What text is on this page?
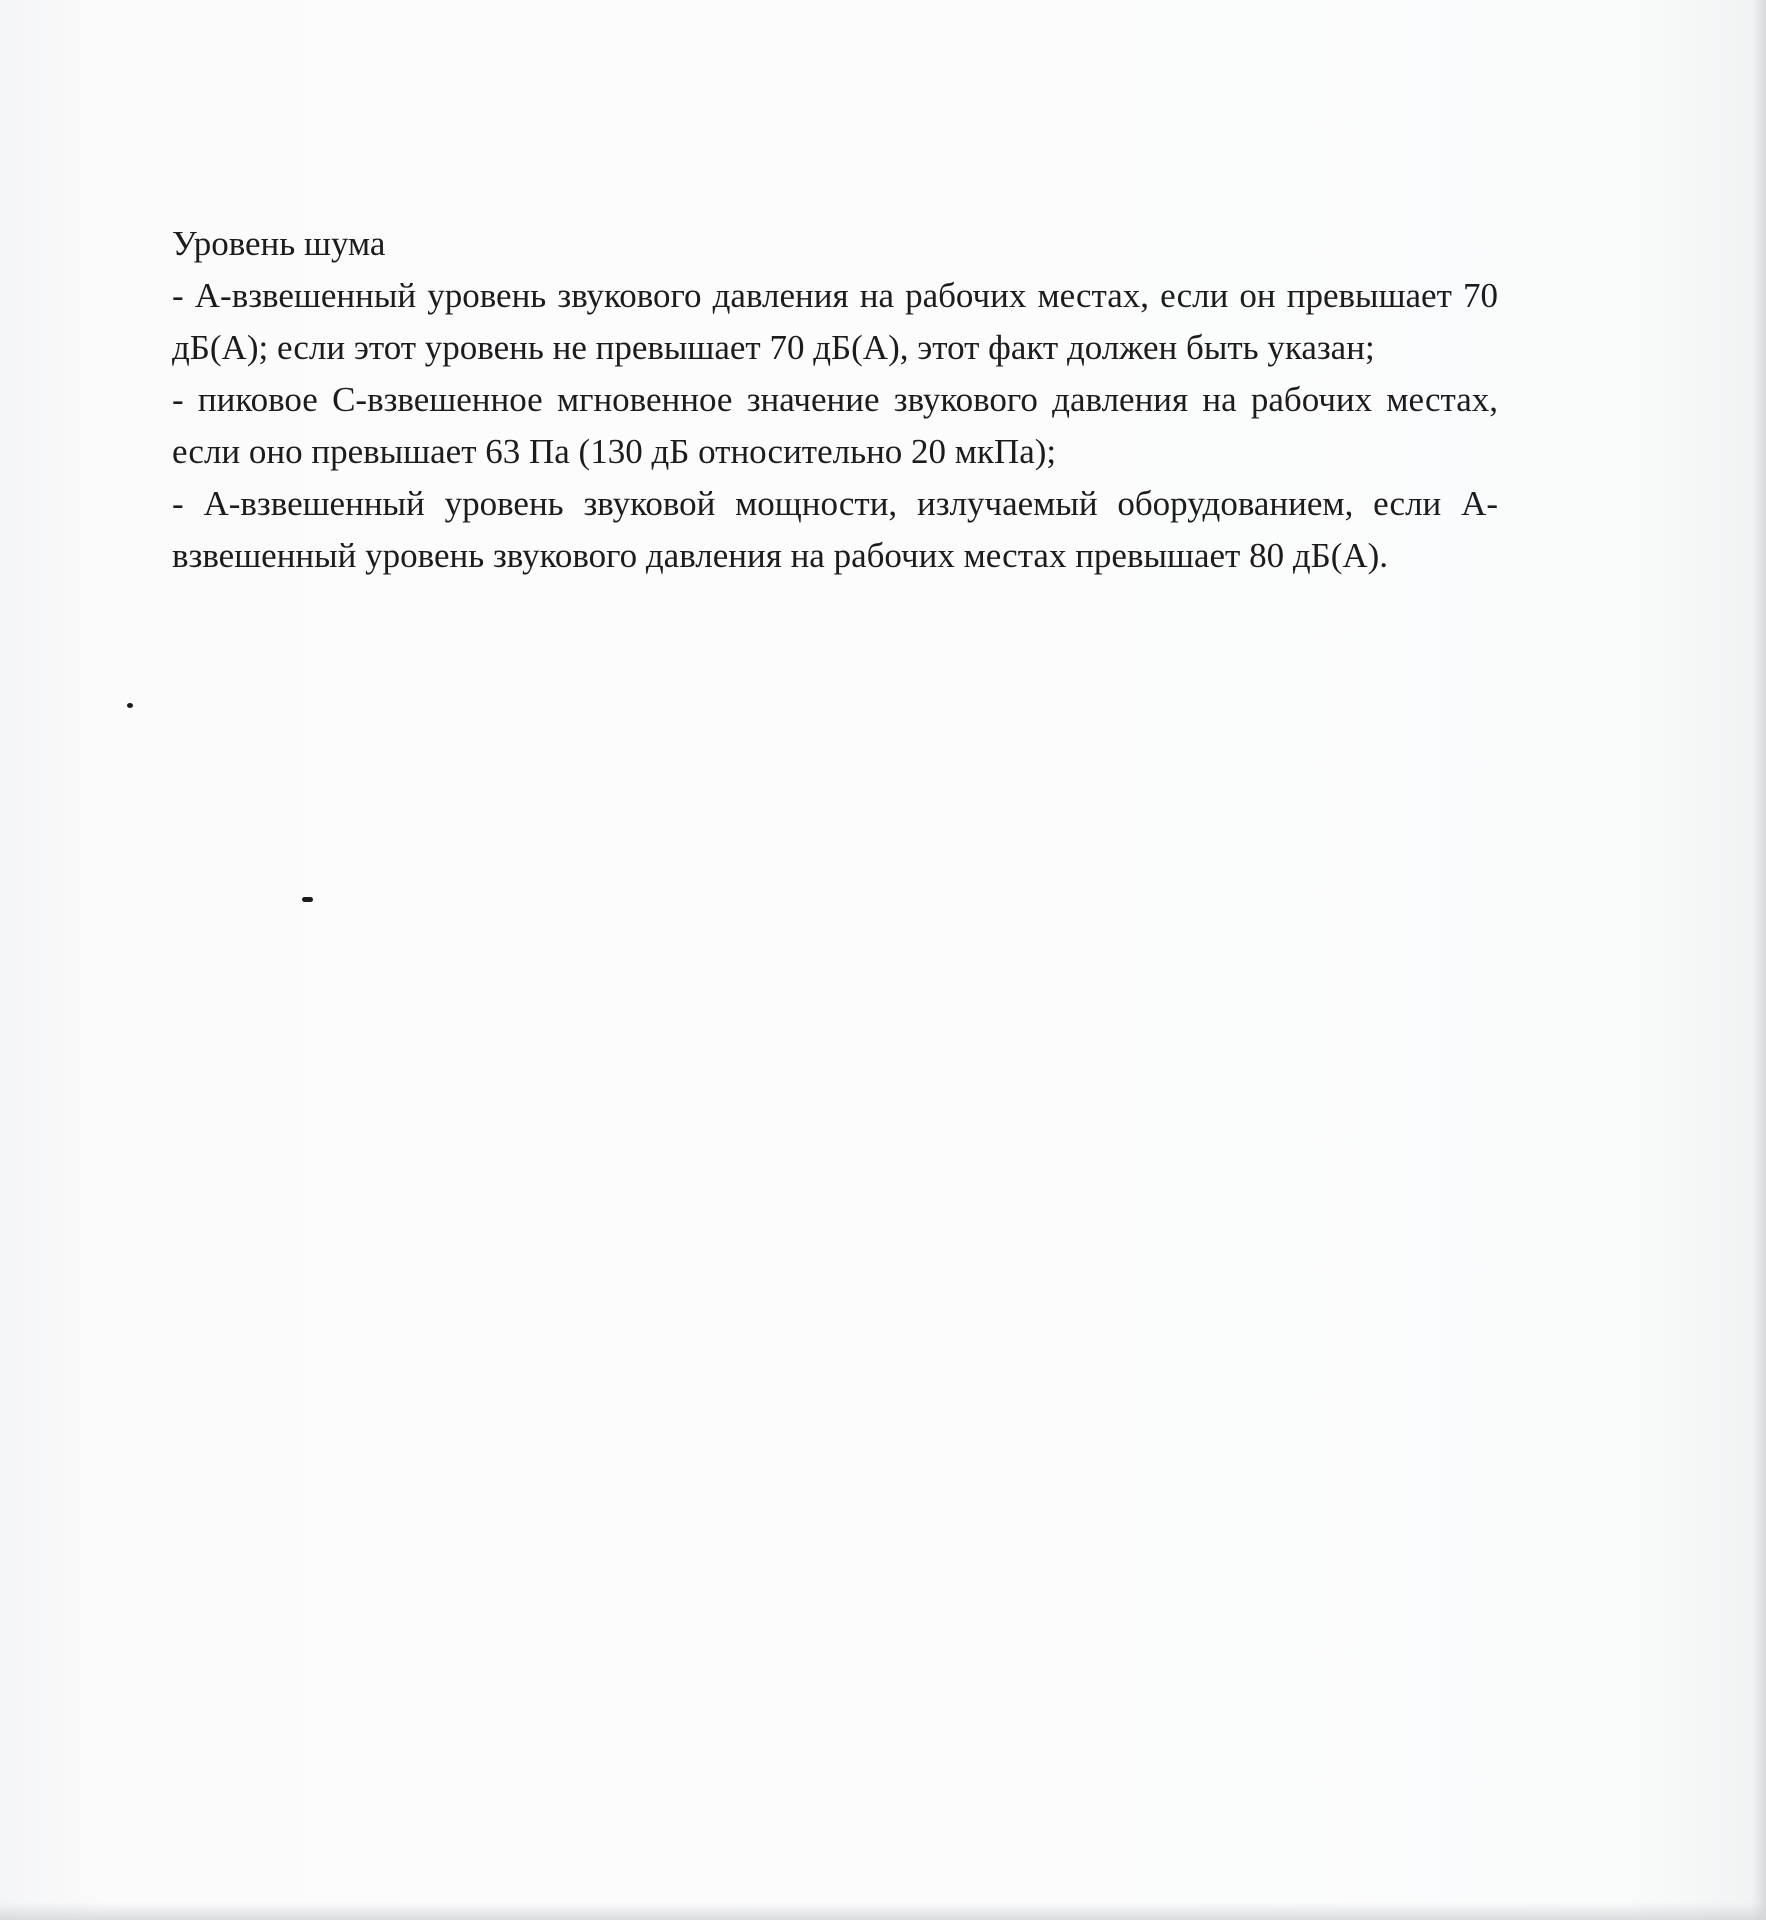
Уровень шума

- А-взвешенный уровень звукового давления на рабочих местах, если он превышает 70 дБ(А); если этот уровень не превышает 70 дБ(А), этот факт должен быть указан;

- пиковое С-взвешенное мгновенное значение звукового давления на рабочих местах, если оно превышает 63 Па (130 дБ относительно 20 мкПа);

- А-взвешенный уровень звуковой мощности, излучаемый оборудованием, если А-взвешенный уровень звукового давления на рабочих местах превышает 80 дБ(А).
